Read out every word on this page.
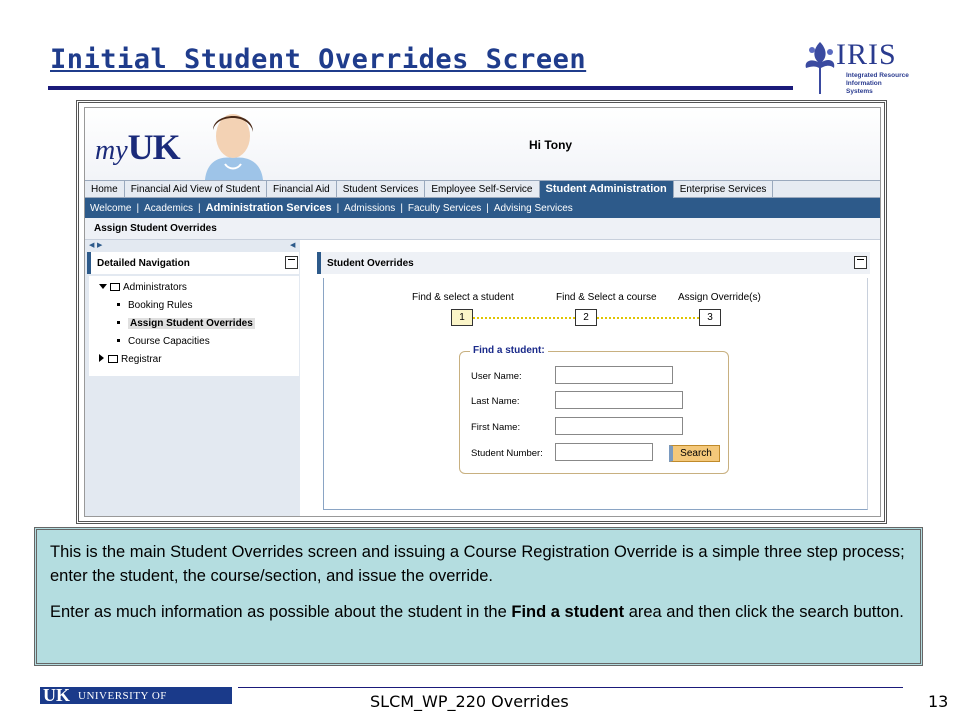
Initial Student Overrides Screen	IRIS
Integrated Resource
Information Systems
myUK	Hi Tony
Home	Financial Aid View of Student	Financial Aid	Student Services	Employee Self-Service	Student Administration	Enterprise Services
Welcome | Academics | Administration Services | Admissions | Faculty Services | Advising Services
Assign Student Overrides
◀ ▶	◀
Detailed Navigation
Administrators
Booking Rules
Assign Student Overrides
Course Capacities
Registrar
Student Overrides
Find & select a student	Find & Select a course Assign Override(s)
1	2	3
Find a student:
User Name:
Last Name:
First Name:
Student Number:	Search

This is the main Student Overrides screen and issuing a Course Registration Override is a simple three step process; enter the student, the course/section, and issue the override.

Enter as much information as possible about the student in the Find a student area and then click the search button.

UK UNIVERSITY OF KENTUCKY	SLCM_WP_220 Overrides	13
